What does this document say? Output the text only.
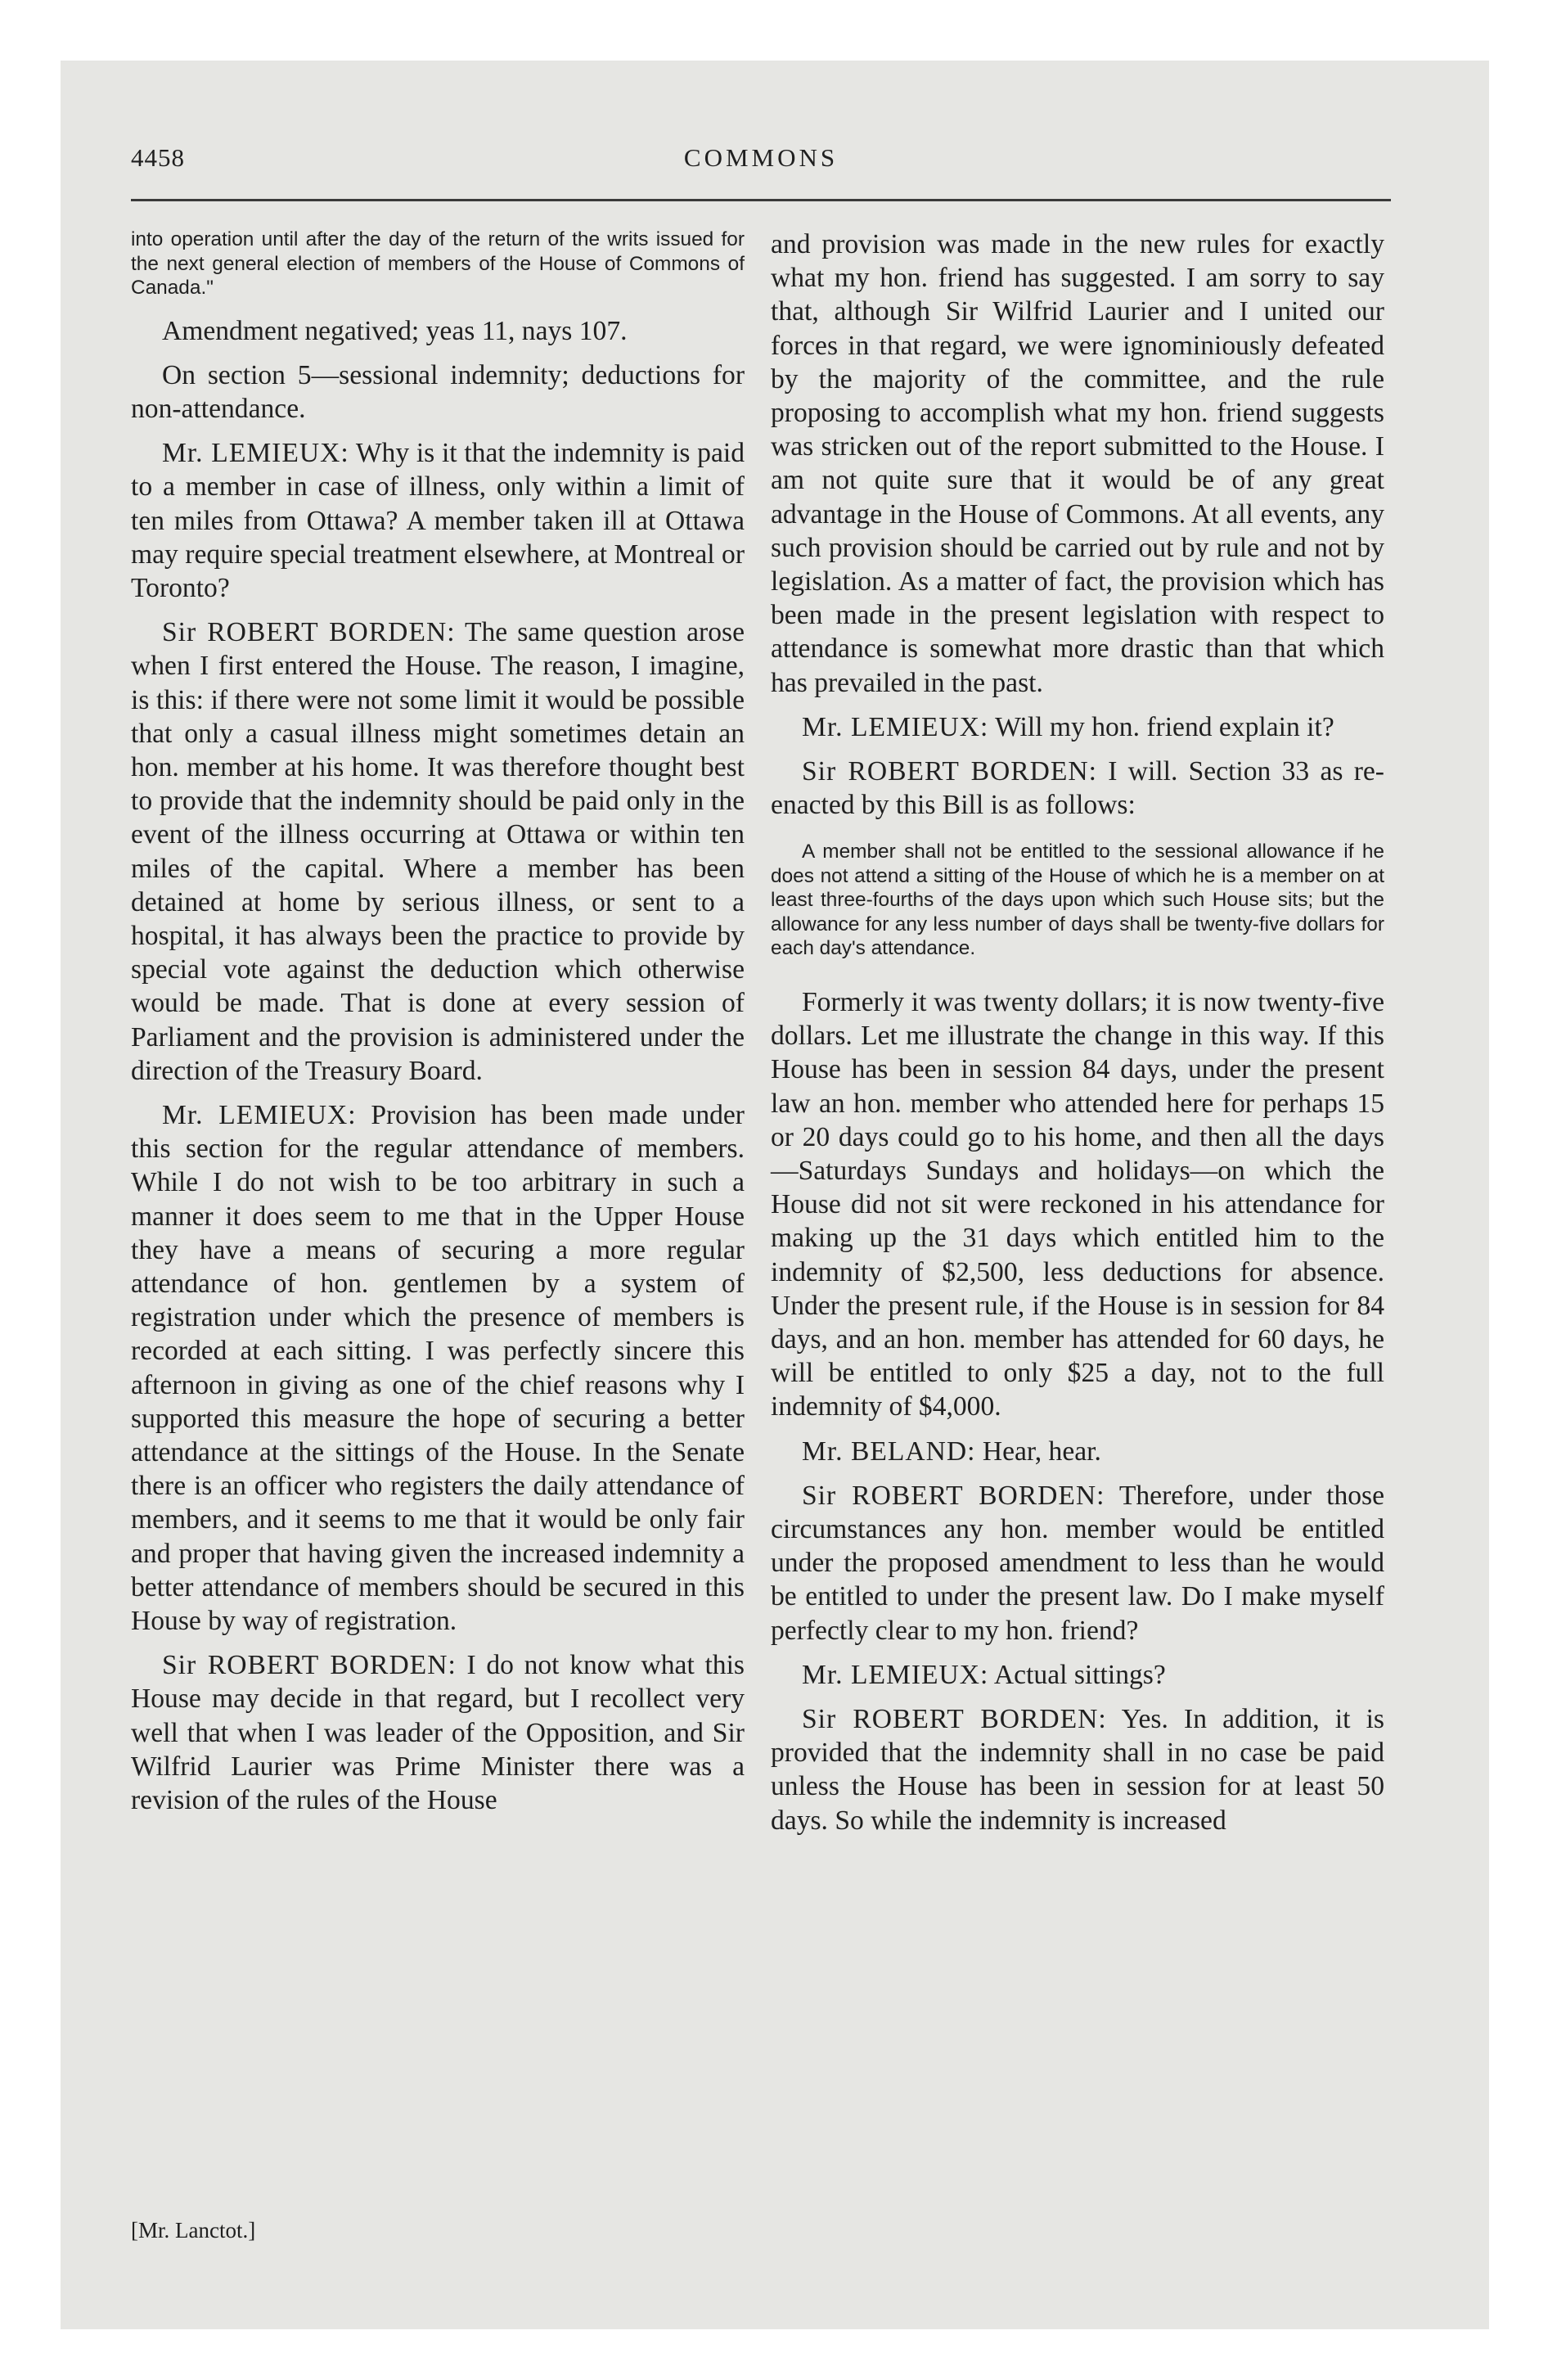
4458	COMMONS

into operation until after the day of the return of the writs issued for the next general election of members of the House of Commons of Canada."

Amendment negatived; yeas 11, nays 107.

On section 5—sessional indemnity; deductions for non-attendance.

Mr. LEMIEUX: Why is it that the indemnity is paid to a member in case of illness, only within a limit of ten miles from Ottawa? A member taken ill at Ottawa may require special treatment elsewhere, at Montreal or Toronto?

Sir ROBERT BORDEN: The same question arose when I first entered the House. The reason, I imagine, is this: if there were not some limit it would be possible that only a casual illness might sometimes detain an hon. member at his home. It was therefore thought best to provide that the indemnity should be paid only in the event of the illness occurring at Ottawa or within ten miles of the capital. Where a member has been detained at home by serious illness, or sent to a hospital, it has always been the practice to provide by special vote against the deduction which otherwise would be made. That is done at every session of Parliament and the provision is administered under the direction of the Treasury Board.

Mr. LEMIEUX: Provision has been made under this section for the regular attendance of members. While I do not wish to be too arbitrary in such a manner it does seem to me that in the Upper House they have a means of securing a more regular attendance of hon. gentlemen by a system of registration under which the presence of members is recorded at each sitting. I was perfectly sincere this afternoon in giving as one of the chief reasons why I supported this measure the hope of securing a better attendance at the sittings of the House. In the Senate there is an officer who registers the daily attendance of members, and it seems to me that it would be only fair and proper that having given the increased indemnity a better attendance of members should be secured in this House by way of registration.

Sir ROBERT BORDEN: I do not know what this House may decide in that regard, but I recollect very well that when I was leader of the Opposition, and Sir Wilfrid Laurier was Prime Minister there was a revision of the rules of the House

and provision was made in the new rules for exactly what my hon. friend has suggested. I am sorry to say that, although Sir Wilfrid Laurier and I united our forces in that regard, we were ignominiously defeated by the majority of the committee, and the rule proposing to accomplish what my hon. friend suggests was stricken out of the report submitted to the House. I am not quite sure that it would be of any great advantage in the House of Commons. At all events, any such provision should be carried out by rule and not by legislation. As a matter of fact, the provision which has been made in the present legislation with respect to attendance is somewhat more drastic than that which has prevailed in the past.

Mr. LEMIEUX: Will my hon. friend explain it?

Sir ROBERT BORDEN: I will. Section 33 as re-enacted by this Bill is as follows:

A member shall not be entitled to the sessional allowance if he does not attend a sitting of the House of which he is a member on at least three-fourths of the days upon which such House sits; but the allowance for any less number of days shall be twenty-five dollars for each day's attendance.

Formerly it was twenty dollars; it is now twenty-five dollars. Let me illustrate the change in this way. If this House has been in session 84 days, under the present law an hon. member who attended here for perhaps 15 or 20 days could go to his home, and then all the days—Saturdays Sundays and holidays—on which the House did not sit were reckoned in his attendance for making up the 31 days which entitled him to the indemnity of $2,500, less deductions for absence. Under the present rule, if the House is in session for 84 days, and an hon. member has attended for 60 days, he will be entitled to only $25 a day, not to the full indemnity of $4,000.

Mr. BELAND: Hear, hear.

Sir ROBERT BORDEN: Therefore, under those circumstances any hon. member would be entitled under the proposed amendment to less than he would be entitled to under the present law. Do I make myself perfectly clear to my hon. friend?

Mr. LEMIEUX: Actual sittings?

Sir ROBERT BORDEN: Yes. In addition, it is provided that the indemnity shall in no case be paid unless the House has been in session for at least 50 days. So while the indemnity is increased

[Mr. Lanctot.]
